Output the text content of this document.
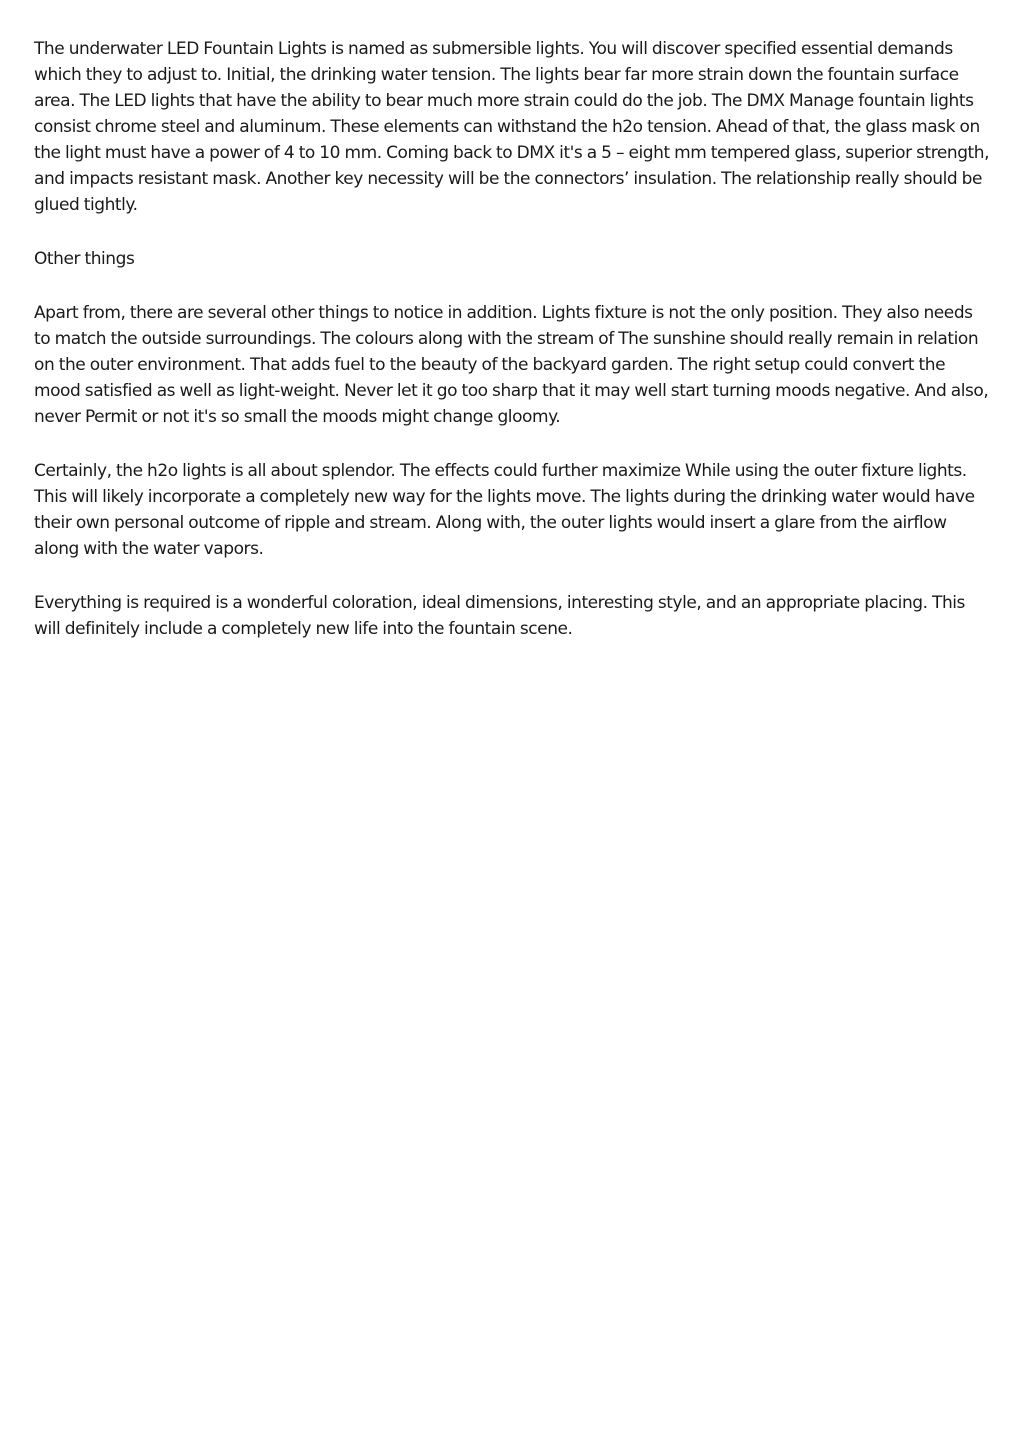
The underwater LED Fountain Lights is named as submersible lights. You will discover specified essential demands which they to adjust to. Initial, the drinking water tension. The lights bear far more strain down the fountain surface area. The LED lights that have the ability to bear much more strain could do the job. The DMX Manage fountain lights consist chrome steel and aluminum. These elements can withstand the h2o tension. Ahead of that, the glass mask on the light must have a power of 4 to 10 mm. Coming back to DMX it's a 5 – eight mm tempered glass, superior strength, and impacts resistant mask. Another key necessity will be the connectors’ insulation. The relationship really should be glued tightly.

Other things

Apart from, there are several other things to notice in addition. Lights fixture is not the only position. They also needs to match the outside surroundings. The colours along with the stream of The sunshine should really remain in relation on the outer environment. That adds fuel to the beauty of the backyard garden. The right setup could convert the mood satisfied as well as light-weight. Never let it go too sharp that it may well start turning moods negative. And also, never Permit or not it's so small the moods might change gloomy.

Certainly, the h2o lights is all about splendor. The effects could further maximize While using the outer fixture lights. This will likely incorporate a completely new way for the lights move. The lights during the drinking water would have their own personal outcome of ripple and stream. Along with, the outer lights would insert a glare from the airflow along with the water vapors.

Everything is required is a wonderful coloration, ideal dimensions, interesting style, and an appropriate placing. This will definitely include a completely new life into the fountain scene.
